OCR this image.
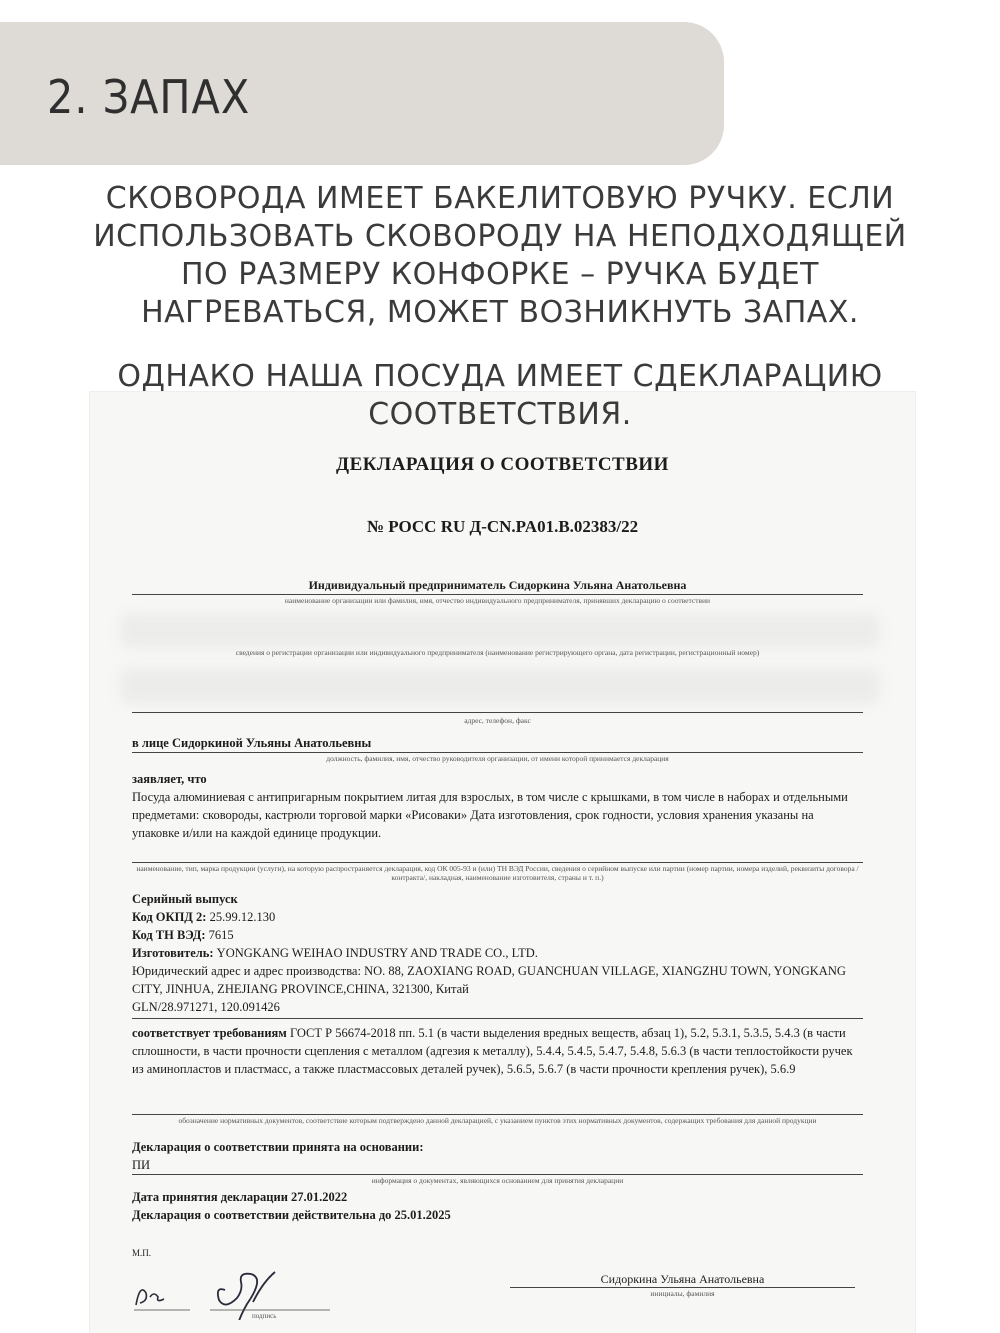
2. ЗАПАХ

СКОВОРОДА ИМЕЕТ БАКЕЛИТОВУЮ РУЧКУ. ЕСЛИ
ИСПОЛЬЗОВАТЬ СКОВОРОДУ НА НЕПОДХОДЯЩЕЙ
ПО РАЗМЕРУ КОНФОРКЕ – РУЧКА БУДЕТ
НАГРЕВАТЬСЯ, МОЖЕТ ВОЗНИКНУТЬ ЗАПАХ.

ДЕКЛАРАЦИЯ О СООТВЕТСТВИИ
№ РОСС RU Д-CN.PA01.B.02383/22
Индивидуальный предприниматель Сидоркина Ульяна Анатольевна
наименование организации или фамилия, имя, отчество индивидуального предпринимателя, принявших декларацию о соответствии
сведения о регистрации организации или индивидуального предпринимателя (наименование регистрирующего органа, дата регистрации, регистрационный номер)
адрес, телефон, факс
в лице Сидоркиной Ульяны Анатольевны
должность, фамилия, имя, отчество руководителя организации, от имени которой принимается декларация
заявляет, что
Посуда алюминиевая с антипригарным покрытием литая для взрослых, в том числе с крышками, в том числе в наборах и отдельными предметами: сковороды, кастрюли торговой марки «Рисоваки» Дата изготовления, срок годности, условия хранения указаны на упаковке и/или на каждой единице продукции.
наименование, тип, марка продукции (услуги), на которую распространяется декларация, код ОК 005-93 и (или) ТН ВЭД России, сведения о серийном выпуске или партии (номер партии, номера изделий, реквизиты договора /контракта/, накладная, наименование изготовителя, страны и т. п.)
Серийный выпуск
Код ОКПД 2: 25.99.12.130
Код ТН ВЭД: 7615
Изготовитель: YONGKANG WEIHAO INDUSTRY AND TRADE CO., LTD.
Юридический адрес и адрес производства: NO. 88, ZAOXIANG ROAD, GUANCHUAN VILLAGE, XIANGZHU TOWN, YONGKANG CITY, JINHUA, ZHEJIANG PROVINCE,CHINA, 321300, Китай
GLN/28.971271, 120.091426
соответствует требованиям ГОСТ Р 56674-2018 пп. 5.1 (в части выделения вредных веществ, абзац 1), 5.2, 5.3.1, 5.3.5, 5.4.3 (в части сплошности, в части прочности сцепления с металлом (адгезия к металлу), 5.4.4, 5.4.5, 5.4.7, 5.4.8, 5.6.3 (в части теплостойкости ручек из аминопластов и пластмасс, а также пластмассовых деталей ручек), 5.6.5, 5.6.7 (в части прочности крепления ручек), 5.6.9
обозначение нормативных документов, соответствие которым подтверждено данной декларацией, с указанием пунктов этих нормативных документов, содержащих требования для данной продукции
Декларация о соответствии принята на основании:
ПИ
информация о документах, являющихся основанием для принятия декларации
Дата принятия декларации 27.01.2022
Декларация о соответствии действительна до 25.01.2025
М.П.
подпись
Сидоркина Ульяна Анатольевна
инициалы, фамилия
ОДНАКО НАША ПОСУДА ИМЕЕТ СДЕКЛАРАЦИЮ
СООТВЕТСТВИЯ.
